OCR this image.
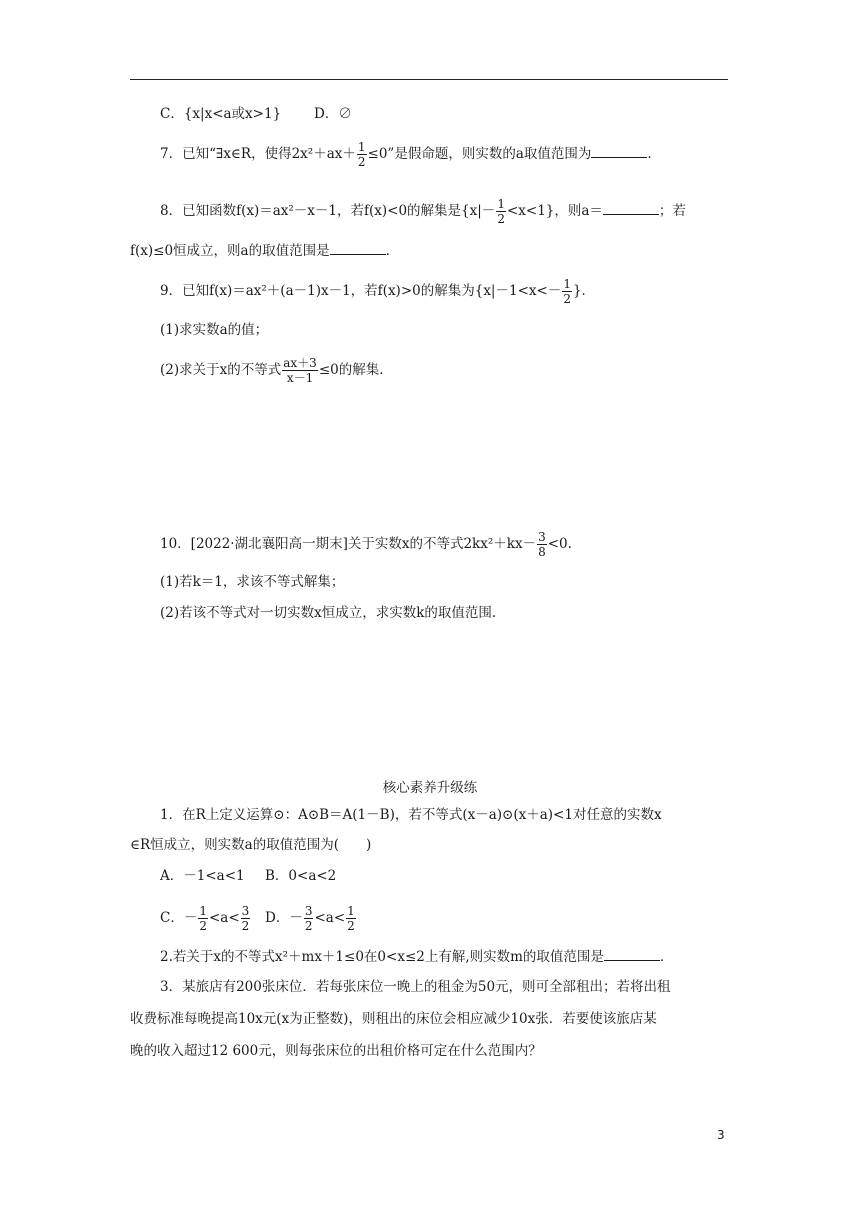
C．{x|x<a或x>1} D．∅
7．已知“∃x∈R，使得$2x^2+ax+ \frac{1}{2} \le 0$”是假命题，则实数的a取值范围为	．
8．已知函数f(x)＝ax²－x－1，若f(x)<0的解集是$\{x|- \frac{1}{2} <x<1\}$，则a＝	；若
f(x)≤0恒成立，则a的取值范围是	．
9．已知f(x)＝ax²＋(a－1)x－1，若f(x)>0的解集为{$x|-1<x<- \frac{1}{2}$ }．
(1)求实数a的值；
(2)求关于x的不等式 $\frac{ax+3}{x-1} \le 0$的解集.
10．[2022·湖北襄阳高一期末]关于实数x的不等式$2kx^2+kx- \frac{3}{8} <0$.
(1)若k＝1，求该不等式解集；
(2)若该不等式对一切实数x恒成立，求实数k的取值范围.
核心素养升级练
1．在R上定义运算⊙：A⊙B＝A(1－B)，若不等式(x－a)⊙(x＋a)<1对任意的实数x
∈R恒成立，则实数a的取值范围为(　　)
A．－1<a<1 B．0<a<2
C．－ $\frac{1}{2} <a< \frac{3}{2}$ D．－ $\frac{3}{2} <a< \frac{1}{2}$
2.若关于x的不等式x²＋mx＋1≤0在0<x≤2上有解,则实数m的取值范围是	．
3．某旅店有200张床位．若每张床位一晚上的租金为50元，则可全部租出；若将出租
收费标准每晚提高10x元(x为正整数)，则租出的床位会相应减少10x张．若要使该旅店某
晚的收入超过12 600元，则每张床位的出租价格可定在什么范围内？
3
